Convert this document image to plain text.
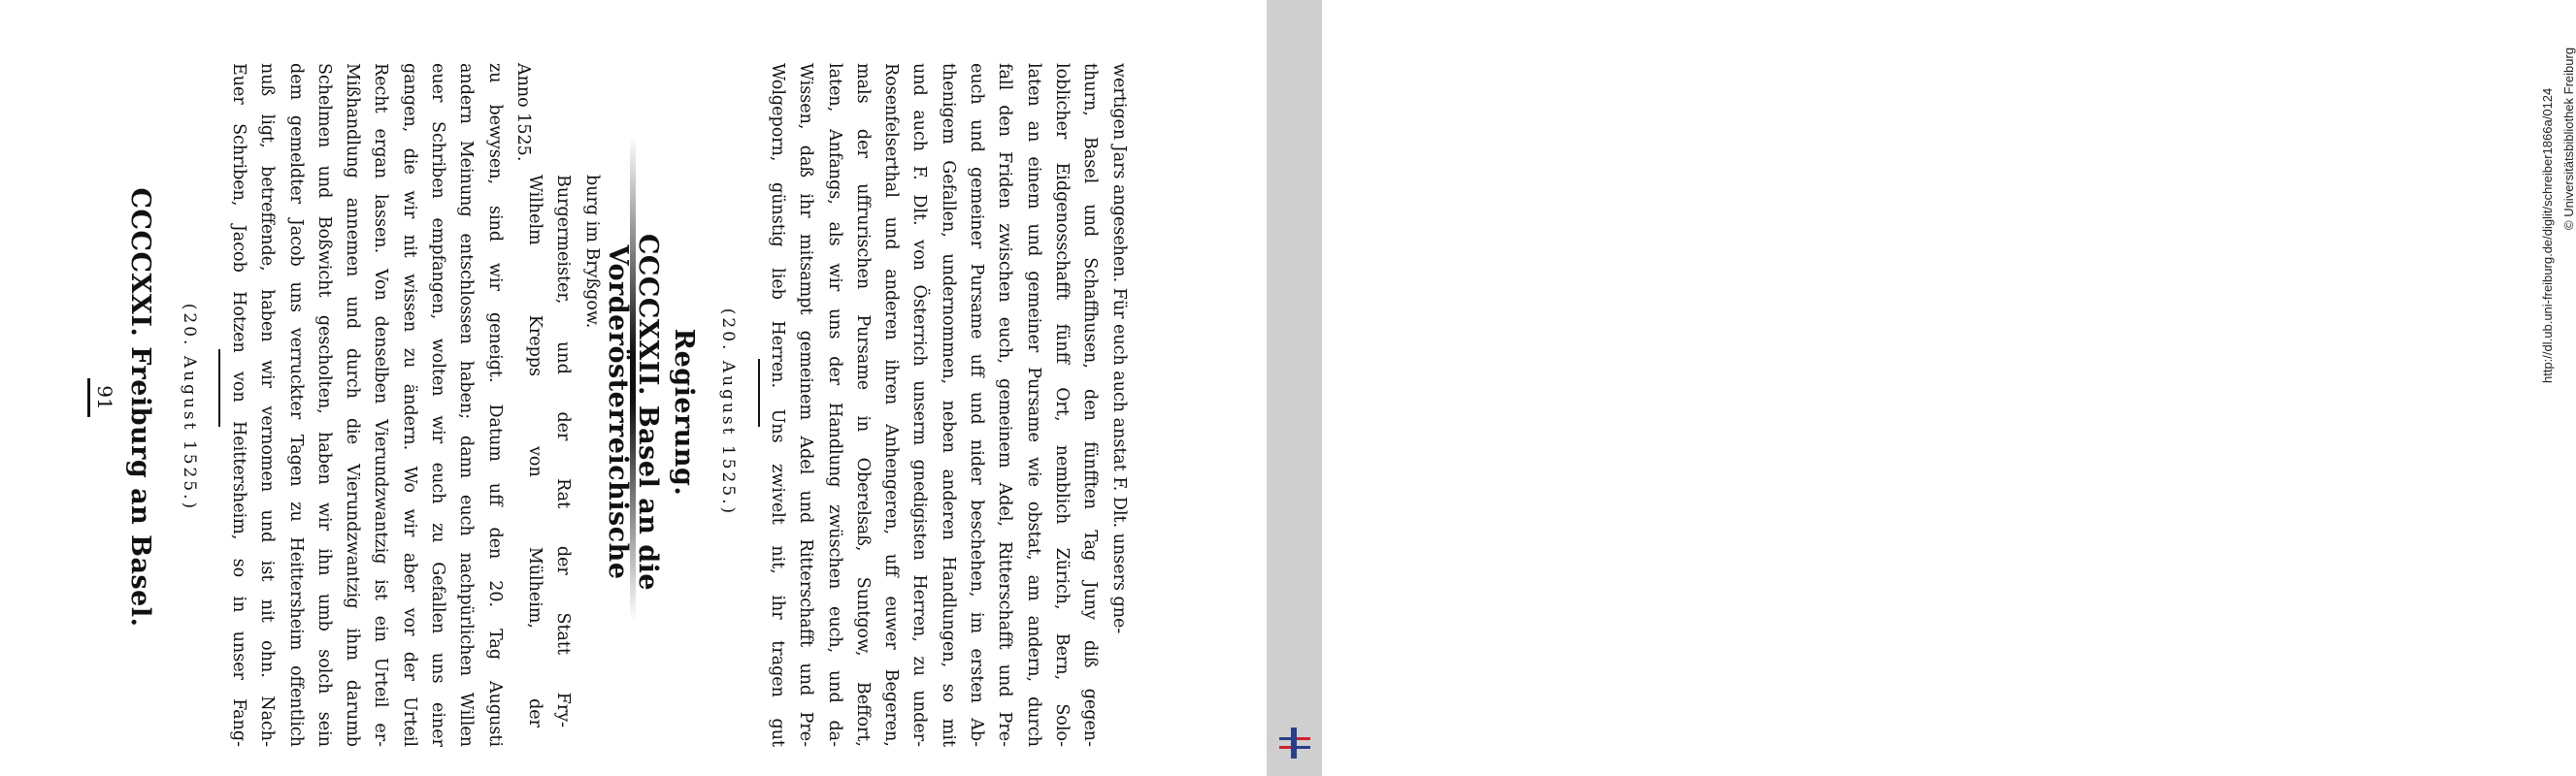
91 CCCCXXI. Freiburg an Basel. (20. August 1525.)	Euer Schriben, Jacob Hotzen von Heittersheim, so in unser Fang- nuß ligt, betreffende, haben wir vernomen und ist nit ohn. Nach- dem gemeldter Jacob uns verruckter Tagen zu Heittersheim offentlich Schelmen und Boßwicht gescholten, haben wir ihn umb solch sein Mißhandlung annemen und durch die Vierundzwantzig ihm darumb Recht ergan lassen. Von denselben Vierundzwantzig ist ein Urteil er- gangen, die wir nit wissen zu ändern. Wo wir aber vor der Urteil euer Schriben empfangen, wolten wir euch zu Gefallen uns einer andern Meinung entschlossen haben; dann euch nachpürlichen Willen zu bewysen, sind wir geneigt. Datum uff den 20. Tag Augusti Anno 1525.
Wilhelm Krepps von Mülheim, der Burgermeister, und der Rat der Statt Fry- burg im Bryßgow.	CCCCXXII. Basel an die Vorderösterreichische	Regierung. (20. August 1525.)	Wolgeporn, günstig lieb Herren. Uns zwivelt nit, ihr tragen gut Wissen, daß ihr mitsampt gemeinem Adel und Ritterschafft und Pre- laten, Anfangs, als wir uns der Handlung zwüschen euch, und da- mals der uffrurischen Pursame in Oberelsaß, Suntgow, Beffort, Rosenfelserthal und anderen ihren Anhengeren, uff euwer Begeren, und auch F. Dlt. von Österrich unserm gnedigisten Herren, zu under- thenigem Gefallen, undernommen, neben anderen Handlungen, so mit euch und gemeiner Pursame uff und nider beschehen, im ersten Ab- fall den Friden zwischen euch, gemeinem Adel, Ritterschafft und Pre- laten an einem und gemeiner Pursame wie obstat, am andern, durch loblicher Eidgenosschafft fünff Ort, nemblich Zürich, Bern, Solo- thurn, Basel und Schaffhusen, den fünfften Tag Juny diß gegen- wertigen Jars angesehen. Für euch auch anstat F. Dlt. unsers gne-	http://dl.ub.uni-freiburg.de/diglit/schreiber1866a/0124 © Universitätsbibliothek Freiburg
